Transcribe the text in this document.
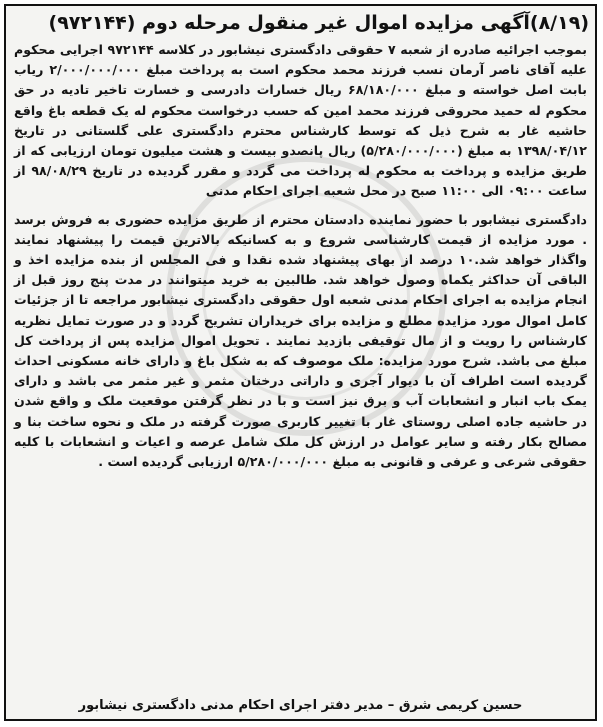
(۸/۱۹)آگهی مزایده اموال غیر منقول مرحله دوم (۹۷۲۱۴۴)

بموجب اجرائیه صادره از شعبه ۷ حقوقی دادگستری نیشابور در کلاسه ۹۷۲۱۴۴ اجرایی محکوم علیه آقای ناصر آرمان نسب فرزند محمد محکوم است به پرداخت مبلغ ۲/۰۰۰/۰۰۰/۰۰۰ ریاب بابت اصل خواسته و مبلغ ۶۸/۱۸۰/۰۰۰ ریال خسارات دادرسی و خسارت تاخیر تادیه در حق محکوم له حمید محروقی فرزند محمد امین که حسب درخواست محکوم له یک قطعه باغ واقع حاشیه غار به شرح ذیل که توسط کارشناس محترم دادگستری علی گلستانی در تاریخ ۱۳۹۸/۰۴/۱۲ به مبلغ (۵/۲۸۰/۰۰۰/۰۰۰) ریال پانصدو بیست و هشت میلیون تومان ارزیابی که از طریق مزایده و پرداخت به محکوم له پرداخت می گردد و مقرر گردیده در تاریخ ۹۸/۰۸/۲۹ از ساعت ۰۹:۰۰ الی ۱۱:۰۰ صبح در محل شعبه اجرای احکام مدنی

دادگستری نیشابور با حضور نماینده دادستان محترم از طریق مزایده حضوری به فروش برسد . مورد مزایده از قیمت کارشناسی شروع و به کسانیکه بالاترین قیمت را پیشنهاد نمایند واگذار خواهد شد.۱۰ درصد از بهای پیشنهاد شده نقدا و فی المجلس از بنده مزایده اخذ و الباقی آن حداکثر یکماه وصول خواهد شد. طالبین به خرید میتوانند در مدت پنج روز قبل از انجام مزایده به اجرای احکام مدنی شعبه اول حقوقی دادگستری نیشابور مراجعه تا از جزئیات کامل اموال مورد مزایده مطلع و مزایده برای خریداران تشریح گردد و در صورت تمایل نظریه کارشناس را رویت و از مال توقیفی بازدید نمایند . تحویل اموال مزایده پس از پرداخت کل مبلغ می باشد. شرح مورد مزایده: ملک موصوف که به شکل باغ و دارای خانه مسکونی احداث گردیده است اطراف آن با دیوار آجری و داراتی درختان مثمر و غیر مثمر می باشد و دارای یمک باب انبار و انشعابات آب و برق نیز است و با در نظر گرفتن موقعیت ملک و واقع شدن در حاشیه جاده اصلی روستای غار با تغییر کاربری صورت گرفته در ملک و نحوه ساخت بنا و مصالح بکار رفته و سایر عوامل در ارزش کل ملک شامل عرصه و اعیات و انشعابات با کلیه حقوقی شرعی و عرفی و قانونی به مبلغ ۵/۲۸۰/۰۰۰/۰۰۰ ارزیابی گردیده است .

حسین کریمی شرق – مدیر دفتر اجرای احکام مدنی دادگستری نیشابور
